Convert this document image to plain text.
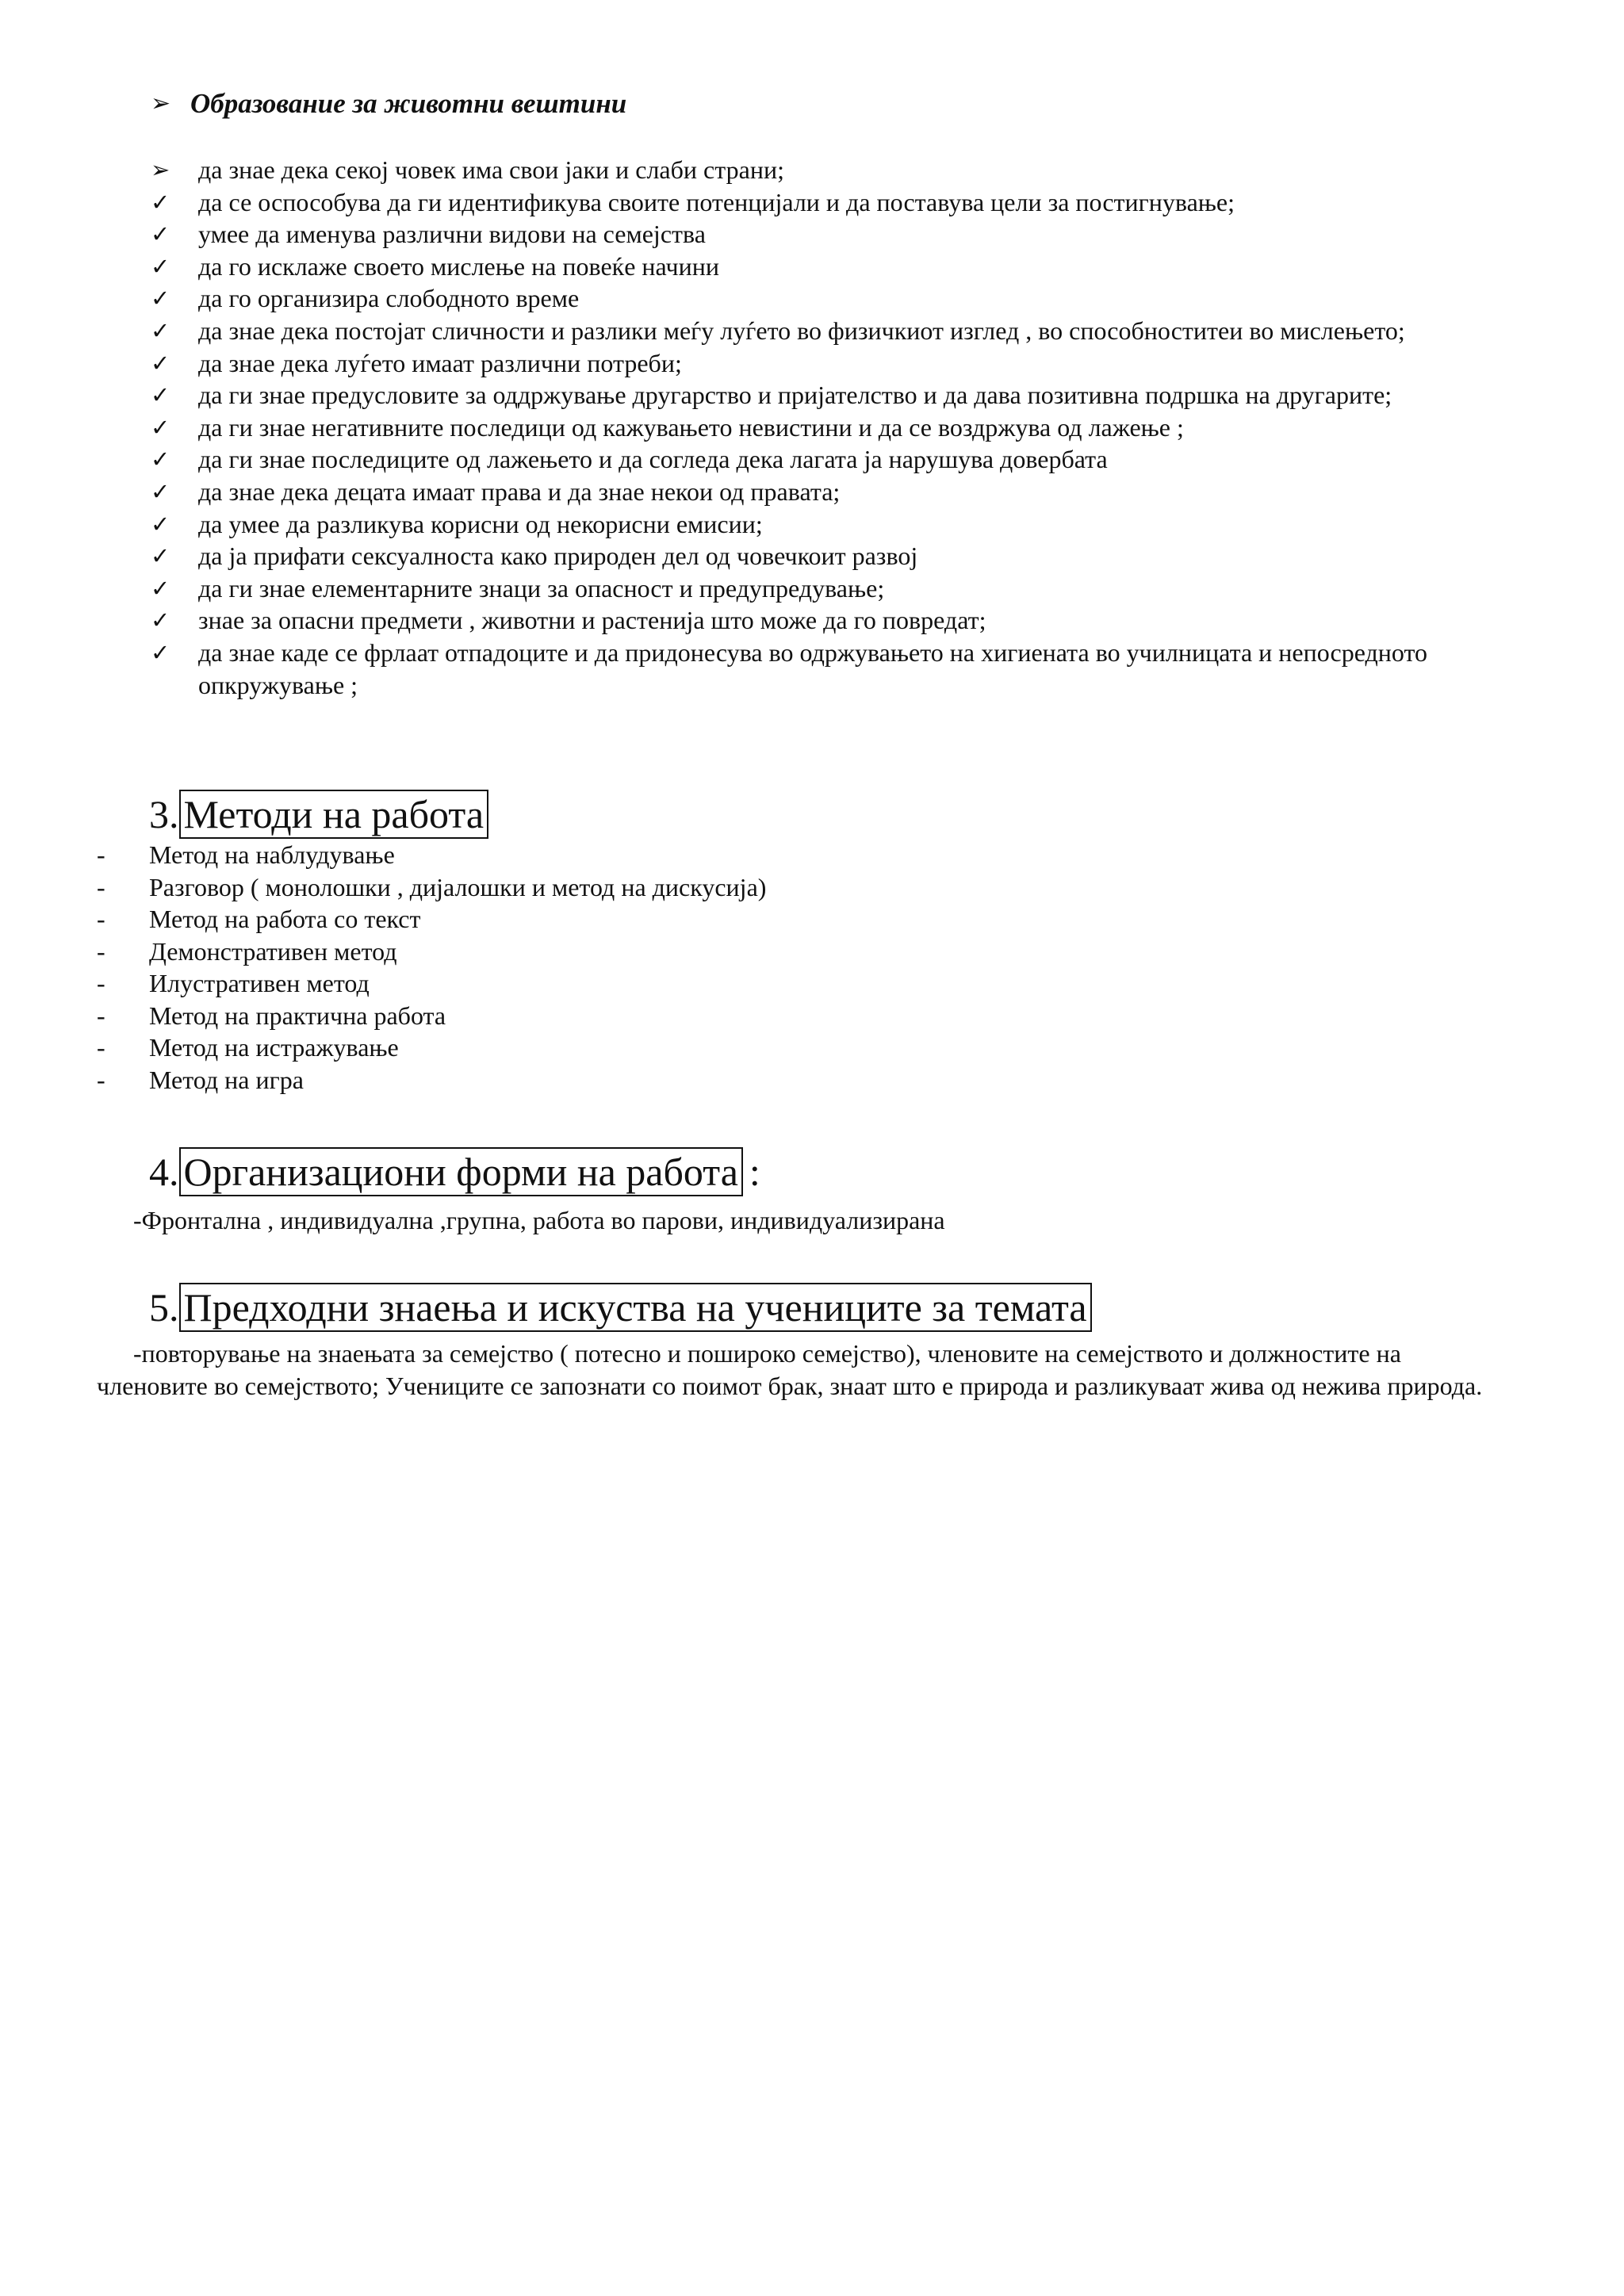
➢ Образование за животни вештини
➢	да знае дека секој човек има свои јаки и слаби страни;
✓	да се оспособува да ги идентификува своите потенцијали и да поставува цели за постигнување;
✓	умее да именува различни видови на семејства
✓	да го исклаже своето мислење на повеќе начини
✓	да го организира слободното време
✓	да знае дека постојат сличности и разлики меѓу луѓето во физичкиот изглед , во способноститеи во мислењето;
✓	да знае дека луѓето имаат различни потреби;
✓	да ги знае предусловите за оддржување другарство и пријателство и да дава позитивна подршка на другарите;
✓	да ги знае негативните последици од кажувањето невистини и да се воздржува од лажење ;
✓	да ги знае последиците од лажењето и да согледа дека лагата ја нарушува довербата
✓	да знае дека децата имаат права и да знае некои од правата;
✓	да умее да разликува корисни од некорисни емисии;
✓	да ја прифати сексуалноста како природен дел од човечкоит развој
✓	да ги знае елементарните знаци за опасност и предупредување;
✓	знае за опасни предмети , животни и растенија што може да го повредат;
✓	да знае каде се фрлаат отпадоците и да придонесува во одржувањето на хигиената во училницата и непосредното опкружување ;
3.Методи на работа
-	Метод на наблудување
-	Разговор ( монолошки , дијалошки и метод на дискусија)
-	Метод на работа со текст
-	Демонстративен метод
-	Илустративен метод
-	Метод на практична работа
-	Метод на истражување
-	Метод на игра
4. Организациони форми на работа :
-Фронтална , индивидуална ,групна, работа во парови, индивидуализирана
5. Предходни знаења и искуства на учениците за темата
-повторување на знаењата за семејство ( потесно и пошироко семејство), членовите на семејството и должностите на членовите во семејството; Учениците се запознати со поимот брак, знаат што е природа и разликуваат жива од нежива природа.
